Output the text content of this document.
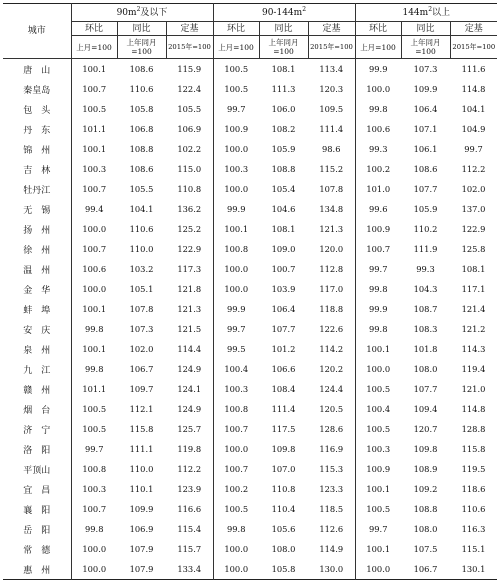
城市	$90m^2$及以下			$90-144m^2$			$144m^2$以上		
	环比	同比	定基	环比	同比	定基	环比	同比	定基
	上月=100	上年同月=100	2015年=100	上月=100	上年同月=100	2015年=100	上月=100	上年同月=100	2015年=100
唐山	100.1	108.6	115.9	100.5	108.1	113.4	99.9	107.3	111.6
秦皇岛	100.7	110.6	122.4	100.5	111.3	120.3	100.0	109.9	114.8
包头	100.5	105.8	105.5	99.7	106.0	109.5	99.8	106.4	104.1
丹东	101.1	106.8	106.9	100.9	108.2	111.4	100.6	107.1	104.9
锦州	100.1	108.8	102.2	100.0	105.9	98.6	99.3	106.1	99.7
吉林	100.3	108.6	115.0	100.3	108.8	115.2	100.2	108.6	112.2
牡丹江	100.7	105.5	110.8	100.0	105.4	107.8	101.0	107.7	102.0
无锡	99.4	104.1	136.2	99.9	104.6	134.8	99.6	105.9	137.0
扬州	100.0	110.6	125.2	100.1	108.1	121.3	100.9	110.2	122.9
徐州	100.7	110.0	122.9	100.8	109.0	120.0	100.7	111.9	125.8
温州	100.6	103.2	117.3	100.0	100.7	112.8	99.7	99.3	108.1
金华	100.0	105.1	121.8	100.0	103.9	117.0	99.8	104.3	117.1
蚌埠	100.1	107.8	121.3	99.9	106.4	118.8	99.9	108.7	121.4
安庆	99.8	107.3	121.5	99.7	107.7	122.6	99.8	108.3	121.2
泉州	100.1	102.0	114.4	99.5	101.2	114.2	100.1	101.8	114.3
九江	99.8	106.7	124.9	100.4	106.6	120.2	100.0	108.0	119.4
赣州	101.1	109.7	124.1	100.3	108.4	124.4	100.5	107.7	121.0
烟台	100.5	112.1	124.9	100.8	111.4	120.5	100.4	109.4	114.8
济宁	100.5	115.8	125.7	100.7	117.5	128.6	100.5	120.7	128.8
洛阳	99.7	111.1	119.8	100.0	109.8	116.9	100.3	109.8	115.8
平顶山	100.8	110.0	112.2	100.7	107.0	115.3	100.9	108.9	119.5
宜昌	100.3	110.1	123.9	100.2	110.8	123.3	100.1	109.2	118.6
襄阳	100.7	109.9	116.6	100.5	110.4	118.5	100.5	108.8	110.6
岳阳	99.8	106.9	115.4	99.8	105.6	112.6	99.7	108.0	116.3
常德	100.0	107.9	115.7	100.0	108.0	114.9	100.1	107.5	115.1
惠州	100.0	107.9	133.4	100.0	105.8	130.0	100.0	106.7	130.1
